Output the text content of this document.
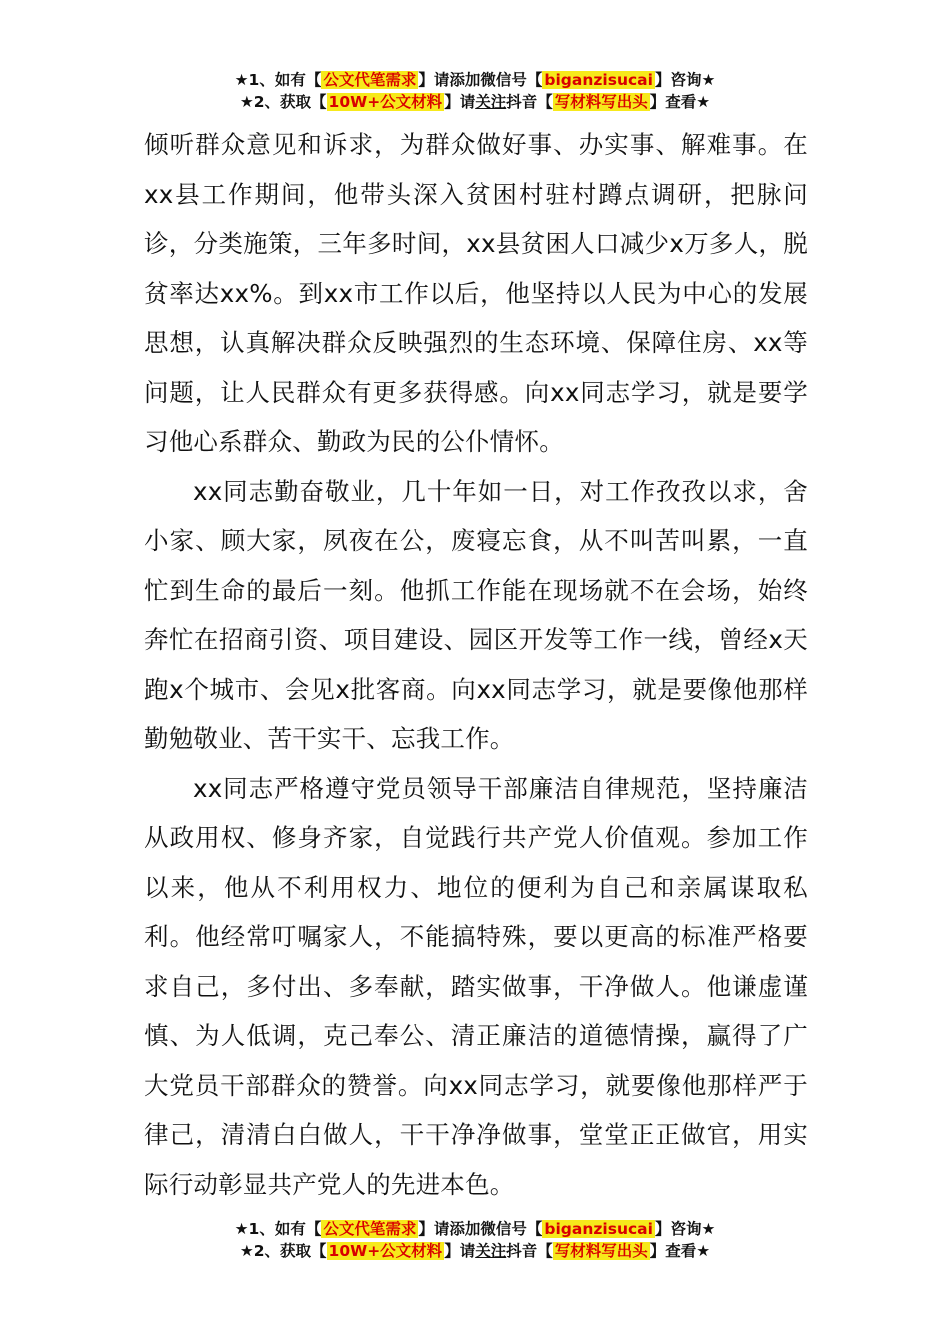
★1、如有【 公文代笔需求 】请添加微信号【 biganzisucai 】咨询★
★2、获取【 10W+公文材料 】请关注抖音【 写材料写出头 】查看★

倾听群众意见和诉求，为群众做好事、办实事、解难事。在xx县工作期间，他带头深入贫困村驻村蹲点调研，把脉问诊，分类施策，三年多时间，xx县贫困人口减少x万多人，脱贫率达xx%。到xx市工作以后，他坚持以人民为中心的发展思想，认真解决群众反映强烈的生态环境、保障住房、xx等问题，让人民群众有更多获得感。向xx同志学习，就是要学习他心系群众、勤政为民的公仆情怀。

xx同志勤奋敬业，几十年如一日，对工作孜孜以求，舍小家、顾大家，夙夜在公，废寝忘食，从不叫苦叫累，一直忙到生命的最后一刻。他抓工作能在现场就不在会场，始终奔忙在招商引资、项目建设、园区开发等工作一线，曾经x天跑x个城市、会见x批客商。向xx同志学习，就是要像他那样勤勉敬业、苦干实干、忘我工作。

xx同志严格遵守党员领导干部廉洁自律规范，坚持廉洁从政用权、修身齐家，自觉践行共产党人价值观。参加工作以来，他从不利用权力、地位的便利为自己和亲属谋取私利。他经常叮嘱家人，不能搞特殊，要以更高的标准严格要求自己，多付出、多奉献，踏实做事，干净做人。他谦虚谨慎、为人低调，克己奉公、清正廉洁的道德情操，赢得了广大党员干部群众的赞誉。向xx同志学习，就要像他那样严于律己，清清白白做人，干干净净做事，堂堂正正做官，用实际行动彰显共产党人的先进本色。

★1、如有【 公文代笔需求 】请添加微信号【 biganzisucai 】咨询★
★2、获取【 10W+公文材料 】请关注抖音【 写材料写出头 】查看★
